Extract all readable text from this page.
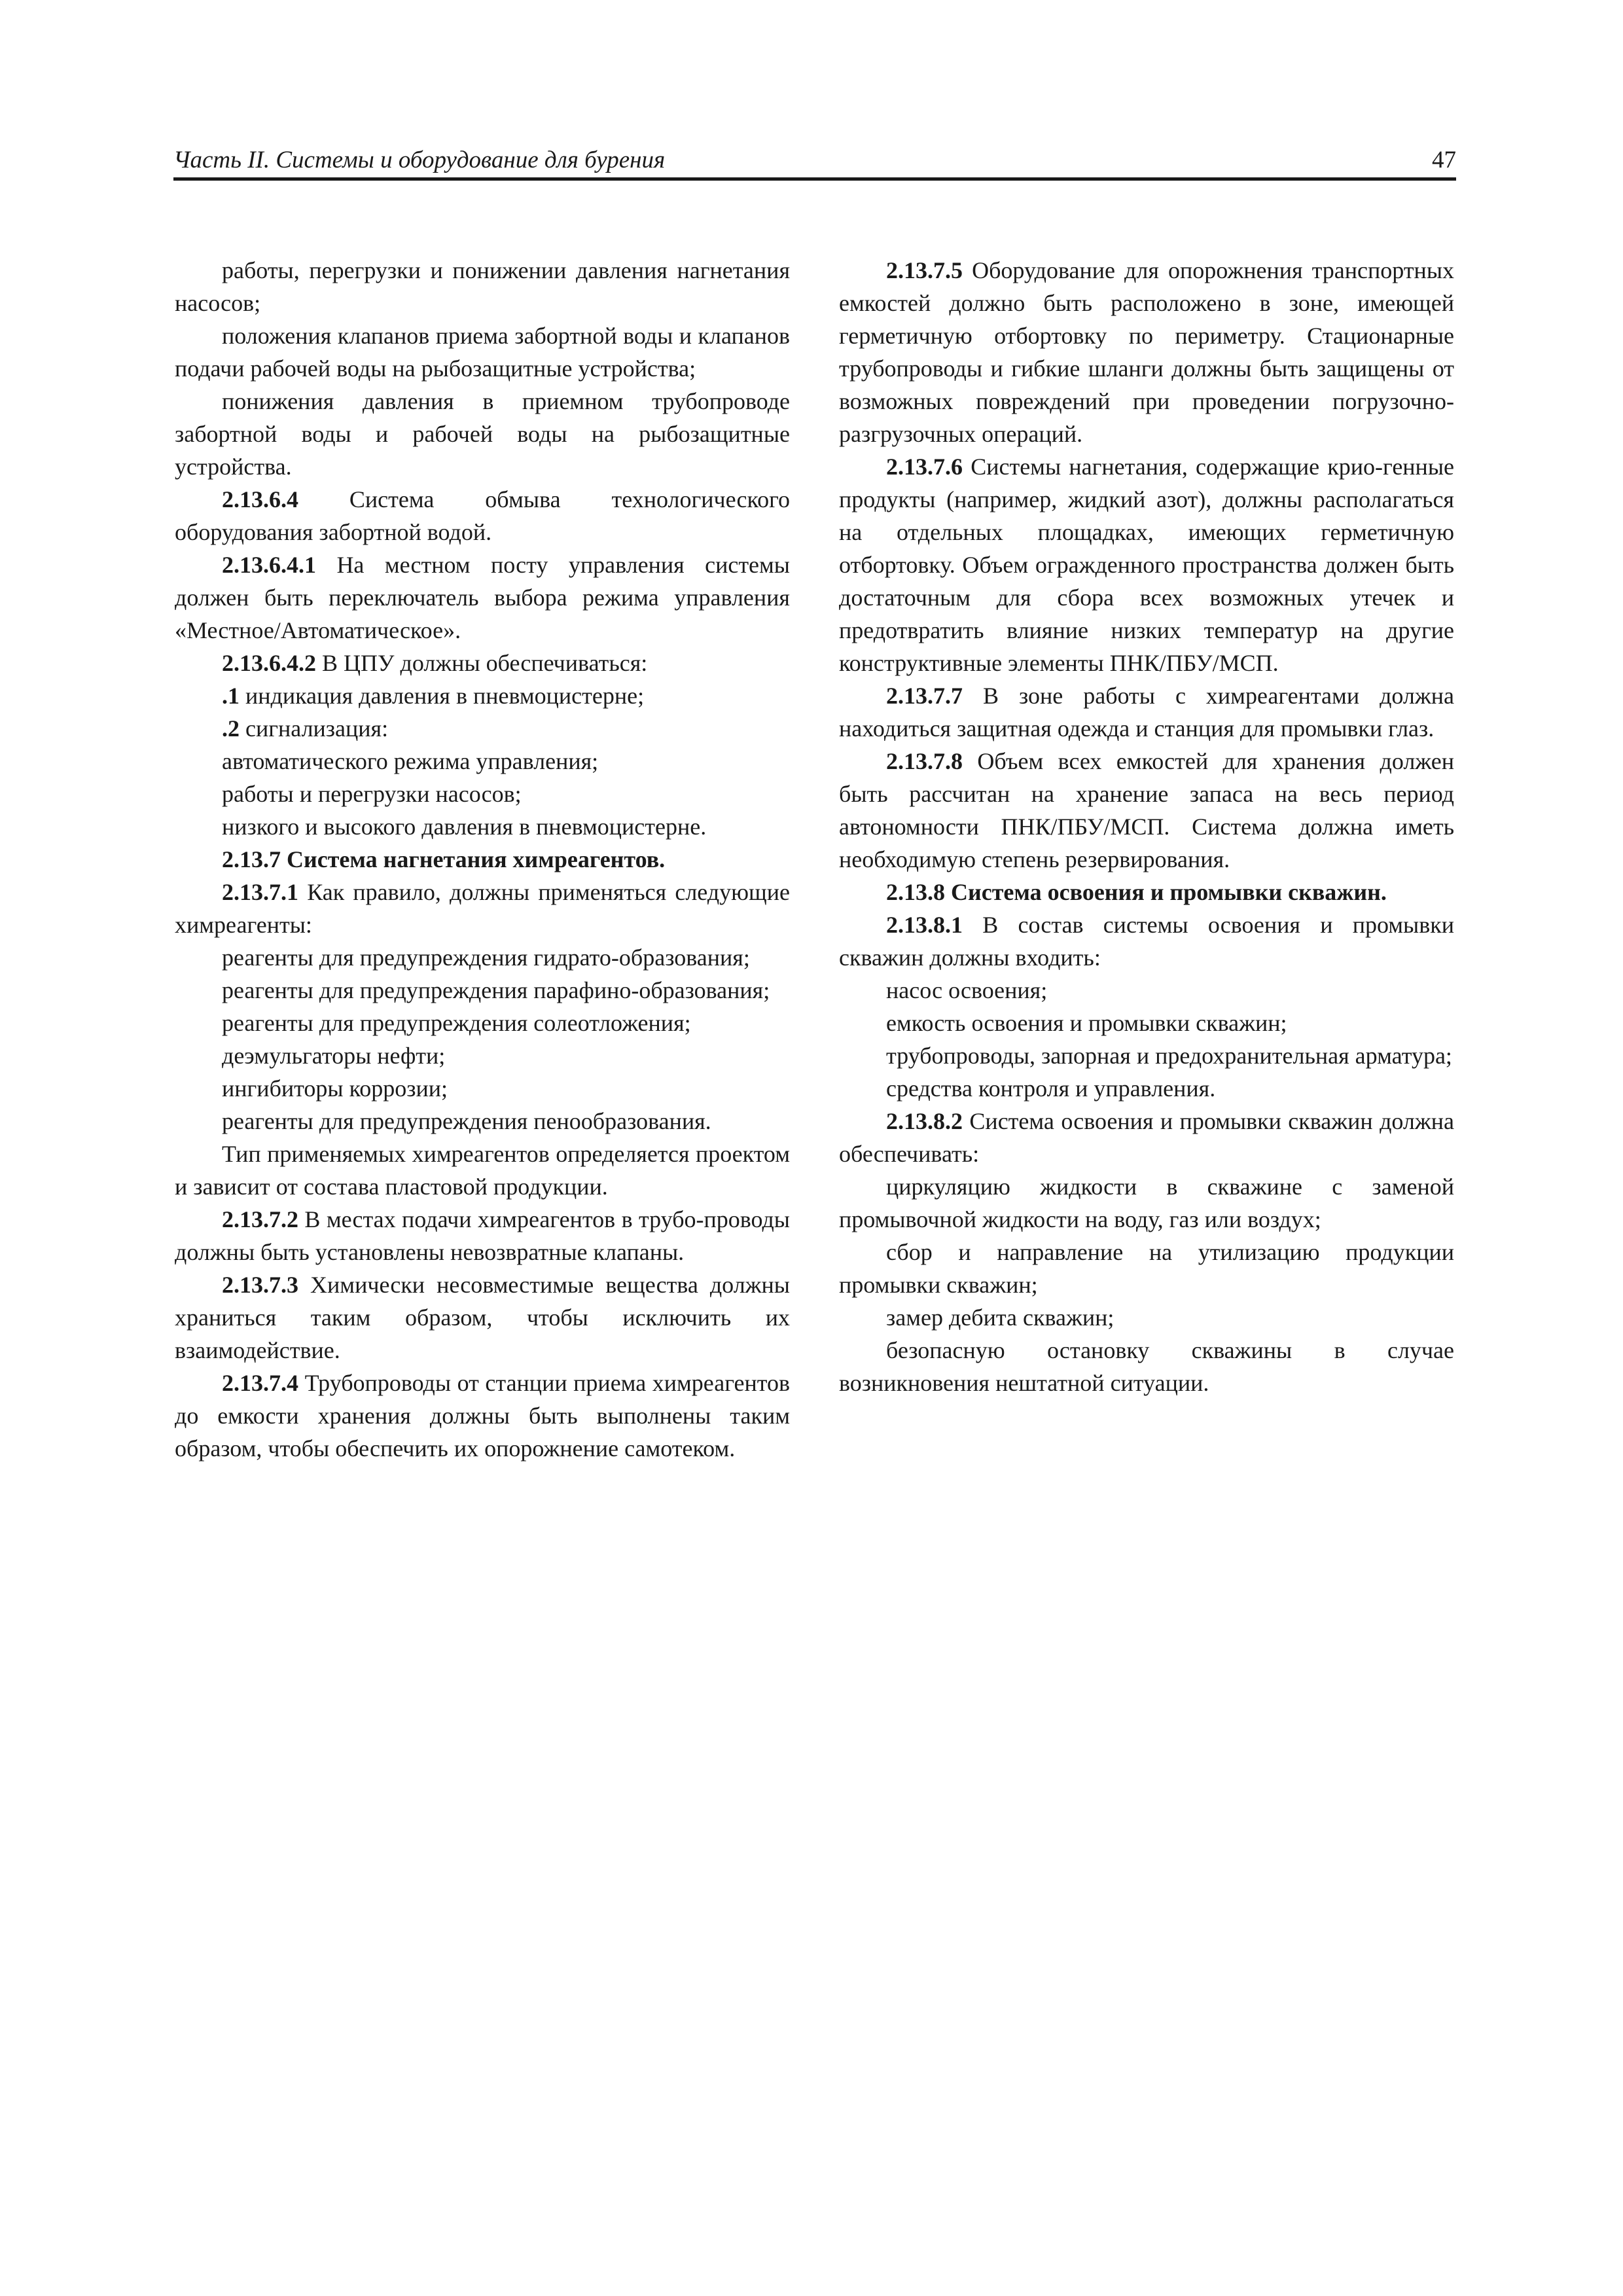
Часть II. Системы и оборудование для бурения	47

работы, перегрузки и понижении давления нагнетания насосов;

положения клапанов приема забортной воды и клапанов подачи рабочей воды на рыбозащитные устройства;

понижения давления в приемном трубопроводе забортной воды и рабочей воды на рыбозащитные устройства.

2.13.6.4 Система обмыва технологического оборудования забортной водой.

2.13.6.4.1 На местном посту управления системы должен быть переключатель выбора режима управления «Местное/Автоматическое».

2.13.6.4.2 В ЦПУ должны обеспечиваться:

.1 индикация давления в пневмоцистерне;

.2 сигнализация:

автоматического режима управления;

работы и перегрузки насосов;

низкого и высокого давления в пневмоцистерне.

2.13.7 Система нагнетания химреагентов.

2.13.7.1 Как правило, должны применяться следующие химреагенты:

реагенты для предупреждения гидрато-образования;

реагенты для предупреждения парафино-образования;

реагенты для предупреждения солеотложения;

деэмульгаторы нефти;

ингибиторы коррозии;

реагенты для предупреждения пенообразования.

Тип применяемых химреагентов определяется проектом и зависит от состава пластовой продукции.

2.13.7.2 В местах подачи химреагентов в трубо-проводы должны быть установлены невозвратные клапаны.

2.13.7.3 Химически несовместимые вещества должны храниться таким образом, чтобы исключить их взаимодействие.

2.13.7.4 Трубопроводы от станции приема химреагентов до емкости хранения должны быть выполнены таким образом, чтобы обеспечить их опорожнение самотеком.

2.13.7.5 Оборудование для опорожнения транспортных емкостей должно быть расположено в зоне, имеющей герметичную отбортовку по периметру. Стационарные трубопроводы и гибкие шланги должны быть защищены от возможных повреждений при проведении погрузочно-разгрузочных операций.

2.13.7.6 Системы нагнетания, содержащие крио-генные продукты (например, жидкий азот), должны располагаться на отдельных площадках, имеющих герметичную отбортовку. Объем огражденного пространства должен быть достаточным для сбора всех возможных утечек и предотвратить влияние низких температур на другие конструктивные элементы ПНК/ПБУ/МСП.

2.13.7.7 В зоне работы с химреагентами должна находиться защитная одежда и станция для промывки глаз.

2.13.7.8 Объем всех емкостей для хранения должен быть рассчитан на хранение запаса на весь период автономности ПНК/ПБУ/МСП. Система должна иметь необходимую степень резервирования.

2.13.8 Система освоения и промывки скважин.

2.13.8.1 В состав системы освоения и промывки скважин должны входить:

насос освоения;

емкость освоения и промывки скважин;

трубопроводы, запорная и предохранительная арматура;

средства контроля и управления.

2.13.8.2 Система освоения и промывки скважин должна обеспечивать:

циркуляцию жидкости в скважине с заменой промывочной жидкости на воду, газ или воздух;

сбор и направление на утилизацию продукции промывки скважин;

замер дебита скважин;

безопасную остановку скважины в случае возникновения нештатной ситуации.
